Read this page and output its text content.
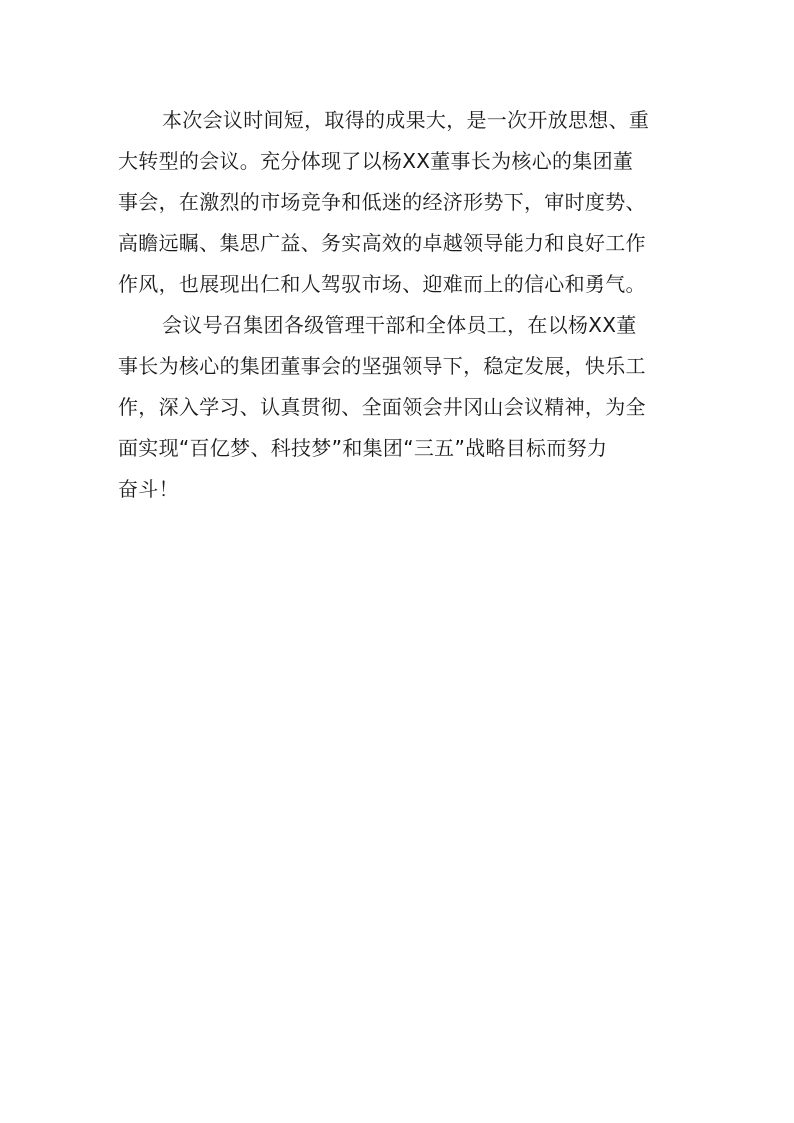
本次会议时间短，取得的成果大，是一次开放思想、重
大转型的会议。充分体现了以杨XX董事长为核心的集团董
事会，在激烈的市场竞争和低迷的经济形势下，审时度势、
高瞻远瞩、集思广益、务实高效的卓越领导能力和良好工作
作风，也展现出仁和人驾驭市场、迎难而上的信心和勇气。
会议号召集团各级管理干部和全体员工，在以杨XX董
事长为核心的集团董事会的坚强领导下，稳定发展，快乐工
作，深入学习、认真贯彻、全面领会井冈山会议精神，为全
面实现“百亿梦、科技梦”和集团“三五”战略目标而努力
奋斗！
